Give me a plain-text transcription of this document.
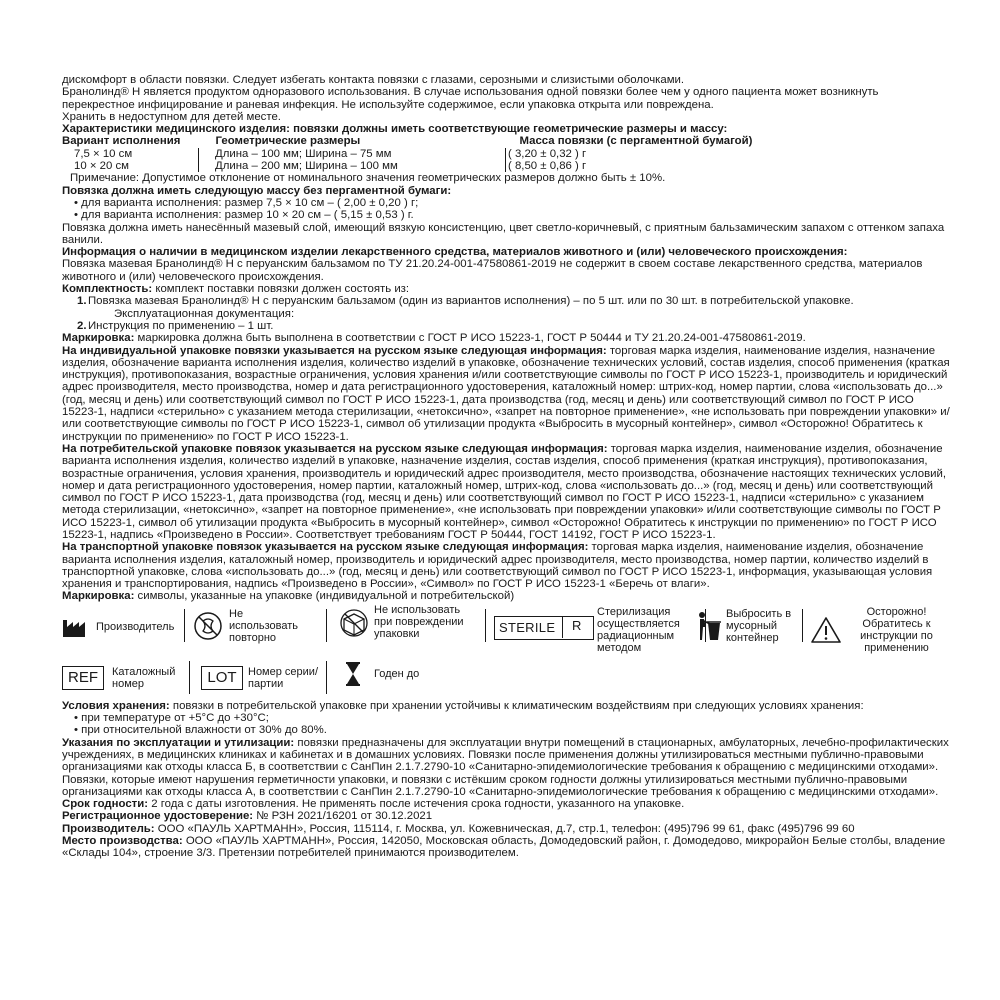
дискомфорт в области повязки. Следует избегать контакта повязки с глазами, серозными и слизистыми оболочками.

Бранолинд® Н является продуктом одноразового использования. В случае использования одной повязки более чем у одного пациента может возникнуть перекрестное инфицирование и раневая инфекция. Не используйте содержимое, если упаковка открыта или повреждена.

Хранить в недоступном для детей месте.

Характеристики медицинского изделия: повязки должны иметь соответствующие геометрические размеры и массу:

Вариант исполнения	Геометрические размеры	Масса повязки (с пергаментной бумагой)
7,5 × 10 см	Длина – 100 мм; Ширина – 75 мм	( 3,20 ± 0,32 ) г
10 × 20 см	Длина – 200 мм; Ширина – 100 мм	( 8,50 ± 0,86 ) г

Примечание: Допустимое отклонение от номинального значения геометрических размеров должно быть ± 10%.

Повязка должна иметь следующую массу без пергаментной бумаги:

• для варианта исполнения: размер 7,5 × 10 см – ( 2,00 ± 0,20 ) г;

• для варианта исполнения: размер 10 × 20 см – ( 5,15 ± 0,53 ) г.

Повязка должна иметь нанесённый мазевый слой, имеющий вязкую консистенцию, цвет светло-коричневый, с приятным бальзамическим запахом с оттенком запаха ванили.

Информация о наличии в медицинском изделии лекарственного средства, материалов животного и (или) человеческого происхождения:

Повязка мазевая Бранолинд® Н с перуанским бальзамом по ТУ 21.20.24-001-47580861-2019 не содержит в своем составе лекарственного средства, материалов животного и (или) человеческого происхождения.

Комплектность: комплект поставки повязки должен состоять из:

1. Повязка мазевая Бранолинд® Н с перуанским бальзамом (один из вариантов исполнения) – по 5 шт. или по 30 шт. в потребительской упаковке.
Эксплуатационная документация:
2. Инструкция по применению – 1 шт.

Маркировка: маркировка должна быть выполнена в соответствии с ГОСТ Р ИСО 15223-1, ГОСТ Р 50444 и ТУ 21.20.24-001-47580861-2019.

На индивидуальной упаковке повязки указывается на русском языке следующая информация: торговая марка изделия, наименование изделия, назначение изделия, обозначение варианта исполнения изделия, количество изделий в упаковке, обозначение технических условий, состав изделия, способ применения (краткая инструкция), противопоказания, возрастные ограничения, условия хранения и/или соответствующие символы по ГОСТ Р ИСО 15223-1, производитель и юридический адрес производителя, место производства, номер и дата регистрационного удостоверения, каталожный номер: штрих-код, номер партии, слова «использовать до...» (год, месяц и день) или соответствующий символ по ГОСТ Р ИСО 15223-1, дата производства (год, месяц и день) или соответствующий символ по ГОСТ Р ИСО 15223-1, надписи «стерильно» с указанием метода стерилизации, «нетоксично», «запрет на повторное применение», «не использовать при повреждении упаковки» и/или соответствующие символы по ГОСТ Р ИСО 15223-1, символ об утилизации продукта «Выбросить в мусорный контейнер», символ «Осторожно! Обратитесь к инструкции по применению» по ГОСТ Р ИСО 15223-1.

На потребительской упаковке повязок указывается на русском языке следующая информация: торговая марка изделия, наименование изделия, обозначение варианта исполнения изделия, количество изделий в упаковке, назначение изделия, состав изделия, способ применения (краткая инструкция), противопоказания, возрастные ограничения, условия хранения, производитель и юридический адрес производителя, место производства, обозначение настоящих технических условий, номер и дата регистрационного удостоверения, номер партии, каталожный номер, штрих-код, слова «использовать до...» (год, месяц и день) или соответствующий символ по ГОСТ Р ИСО 15223-1, дата производства (год, месяц и день) или соответствующий символ по ГОСТ Р ИСО 15223-1, надписи «стерильно» с указанием метода стерилизации, «нетоксично», «запрет на повторное применение», «не использовать при повреждении упаковки» и/или соответствующие символы по ГОСТ Р ИСО 15223-1, символ об утилизации продукта «Выбросить в мусорный контейнер», символ «Осторожно! Обратитесь к инструкции по применению» по ГОСТ Р ИСО 15223-1, надпись «Произведено в России». Соответствует требованиям ГОСТ Р 50444, ГОСТ 14192, ГОСТ Р ИСО 15223-1.

На транспортной упаковке повязок указывается на русском языке следующая информация: торговая марка изделия, наименование изделия, обозначение варианта исполнения изделия, каталожный номер, производитель и юридический адрес производителя, место производства, номер партии, количество изделий в транспортной упаковке, слова «использовать до...» (год, месяц и день) или соответствующий символ по ГОСТ Р ИСО 15223-1, информация, указывающая условия хранения и транспортирования, надпись «Произведено в России», «Символ» по ГОСТ Р ИСО 15223-1 «Беречь от влаги».

Маркировка: символы, указанные на упаковке (индивидуальной и потребительской)

Производитель
Не использовать повторно
Не использовать при повреждении упаковки	STERILE R
Стерилизация осуществляется радиационным методом
Выбросить в мусорный контейнер
Осторожно! Обратитесь к инструкции по применению
REF	Каталожный номер	LOT	Номер серии/партии
Годен до

Условия хранения: повязки в потребительской упаковке при хранении устойчивы к климатическим воздействиям при следующих условиях хранения:

• при температуре от +5°C до +30°C;

• при относительной влажности от 30% до 80%.

Указания по эксплуатации и утилизации: повязки предназначены для эксплуатации внутри помещений в стационарных, амбулаторных, лечебно-профилактических учреждениях, в медицинских клиниках и кабинетах и в домашних условиях. Повязки после применения должны утилизироваться местными публично-правовыми организациями как отходы класса Б, в соответствии с СанПин 2.1.7.2790-10 «Санитарно-эпидемиологические требования к обращению с медицинскими отходами». Повязки, которые имеют нарушения герметичности упаковки, и повязки с истёкшим сроком годности должны утилизироваться местными публично-правовыми организациями как отходы класса А, в соответствии с СанПин 2.1.7.2790-10 «Санитарно-эпидемиологические требования к обращению с медицинскими отходами».

Срок годности: 2 года с даты изготовления. Не применять после истечения срока годности, указанного на упаковке.

Регистрационное удостоверение: № РЗН 2021/16201 от 30.12.2021

Производитель: ООО «ПАУЛЬ ХАРТМАНН», Россия, 115114, г. Москва, ул. Кожевническая, д.7, стр.1, телефон: (495)796 99 61, факс (495)796 99 60

Место производства: ООО «ПАУЛЬ ХАРТМАНН», Россия, 142050, Московская область, Домодедовский район, г. Домодедово, микрорайон Белые столбы, владение «Склады 104», строение 3/3. Претензии потребителей принимаются производителем.
